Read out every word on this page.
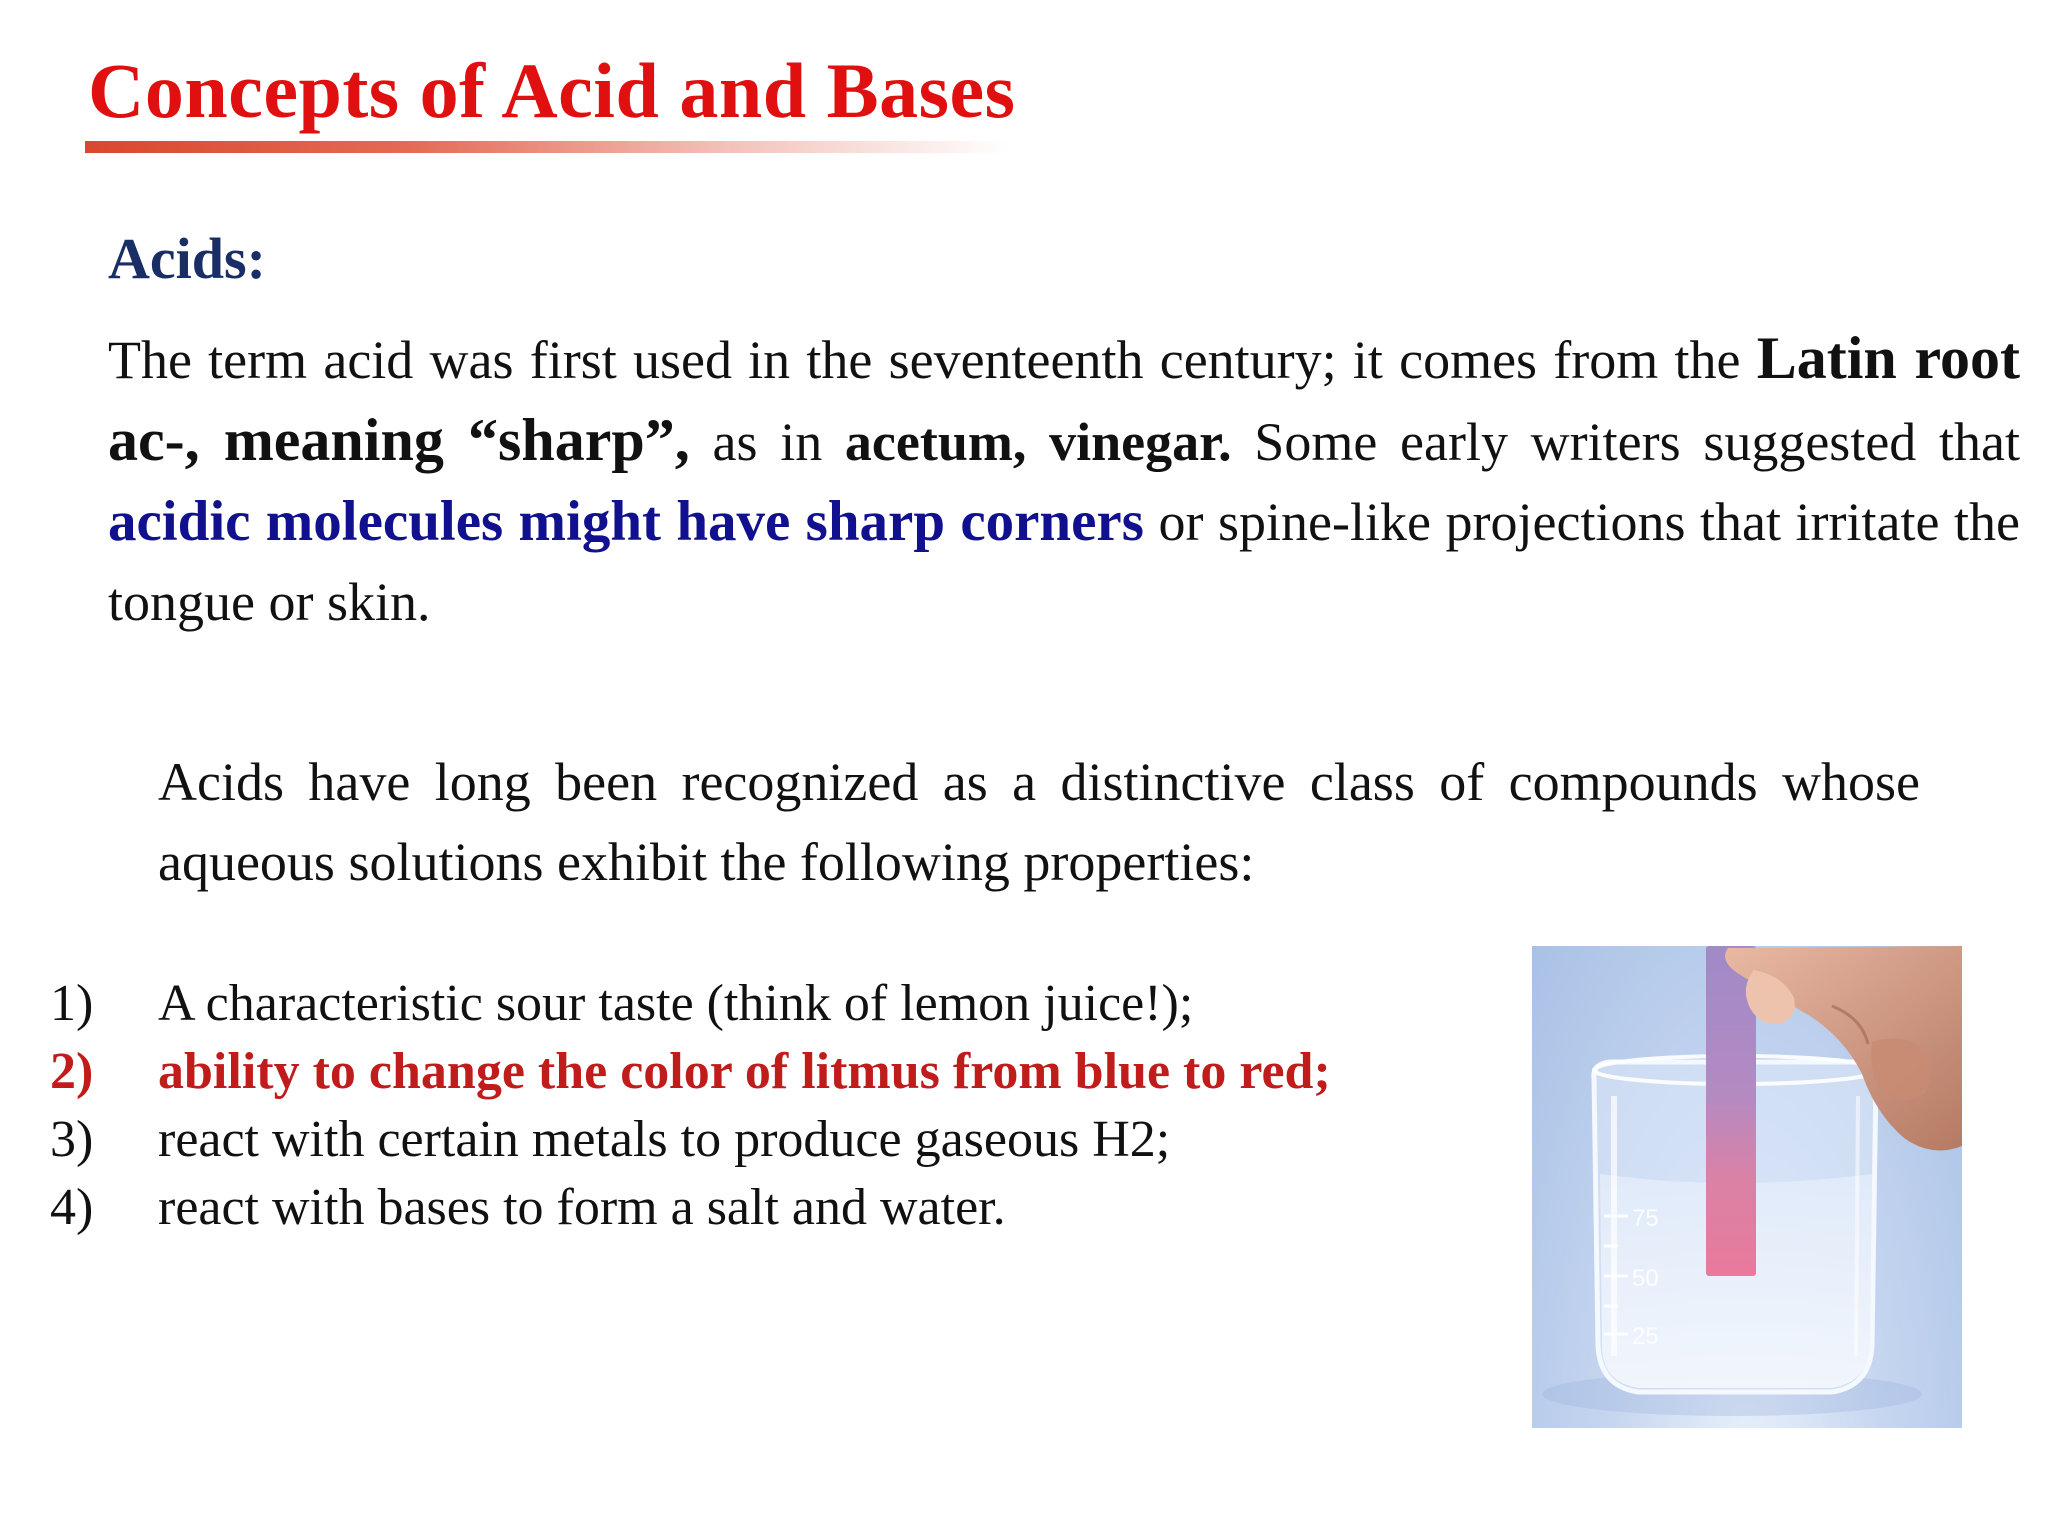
Concepts of Acid and Bases
Acids:

The term acid was first used in the seventeenth century; it comes from the Latin root ac-, meaning “sharp”, as in acetum, vinegar. Some early writers suggested that acidic molecules might have sharp corners or spine-like projections that irritate the tongue or skin.

Acids have long been recognized as a distinctive class of compounds whose aqueous solutions exhibit the following properties:

1)	A characteristic sour taste (think of lemon juice!);
2)	ability to change the color of litmus from blue to red;
3)	react with certain metals to produce gaseous H2;
4)	react with bases to form a salt and water.	75
50
25
